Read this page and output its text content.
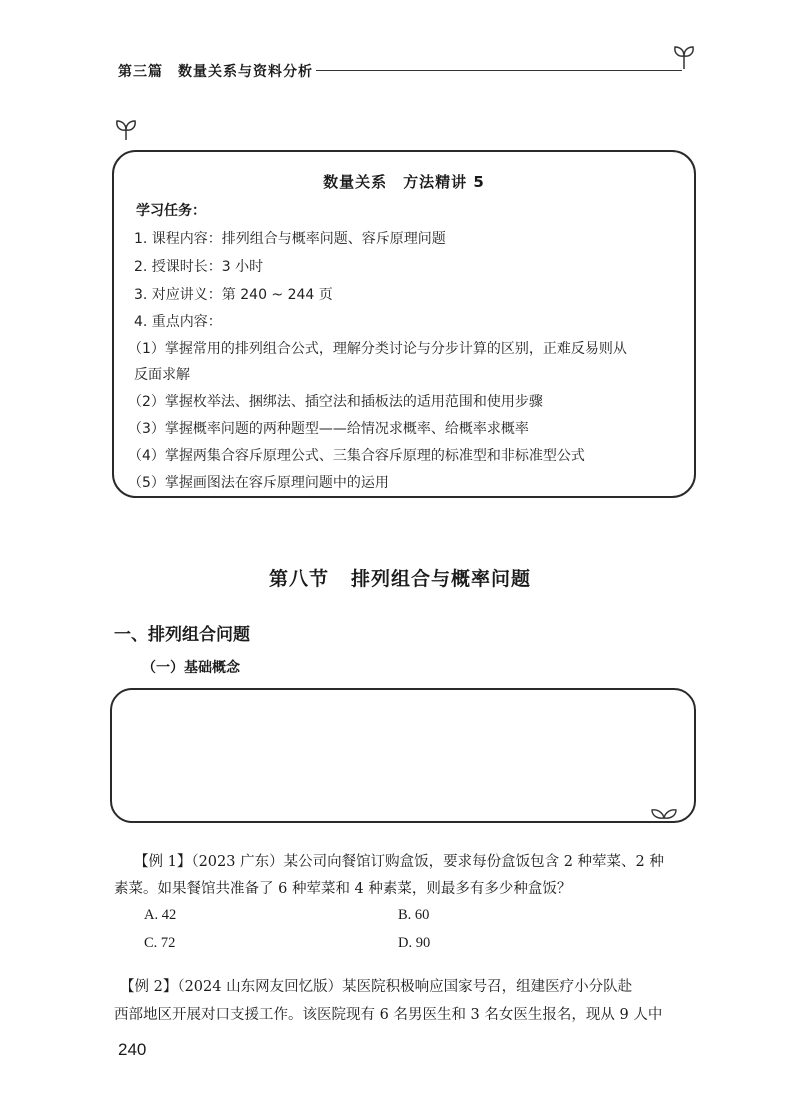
第三篇 数量关系与资料分析
数量关系 方法精讲 5
学习任务：
1. 课程内容：排列组合与概率问题、容斥原理问题
2. 授课时长：3 小时
3. 对应讲义：第 240 ~ 244 页
4. 重点内容：
（1）掌握常用的排列组合公式，理解分类讨论与分步计算的区别，正难反易则从
反面求解
（2）掌握枚举法、捆绑法、插空法和插板法的适用范围和使用步骤
（3）掌握概率问题的两种题型——给情况求概率、给概率求概率
（4）掌握两集合容斥原理公式、三集合容斥原理的标准型和非标准型公式
（5）掌握画图法在容斥原理问题中的运用
第八节 排列组合与概率问题
一、排列组合问题
（一）基础概念
【例 1】（2023 广东）某公司向餐馆订购盒饭，要求每份盒饭包含 2 种荤菜、2 种
素菜。如果餐馆共准备了 6 种荤菜和 4 种素菜，则最多有多少种盒饭？
A. 42	B. 60
C. 72	D. 90
【例 2】（2024 山东网友回忆版）某医院积极响应国家号召，组建医疗小分队赴
西部地区开展对口支援工作。该医院现有 6 名男医生和 3 名女医生报名，现从 9 人中
240
